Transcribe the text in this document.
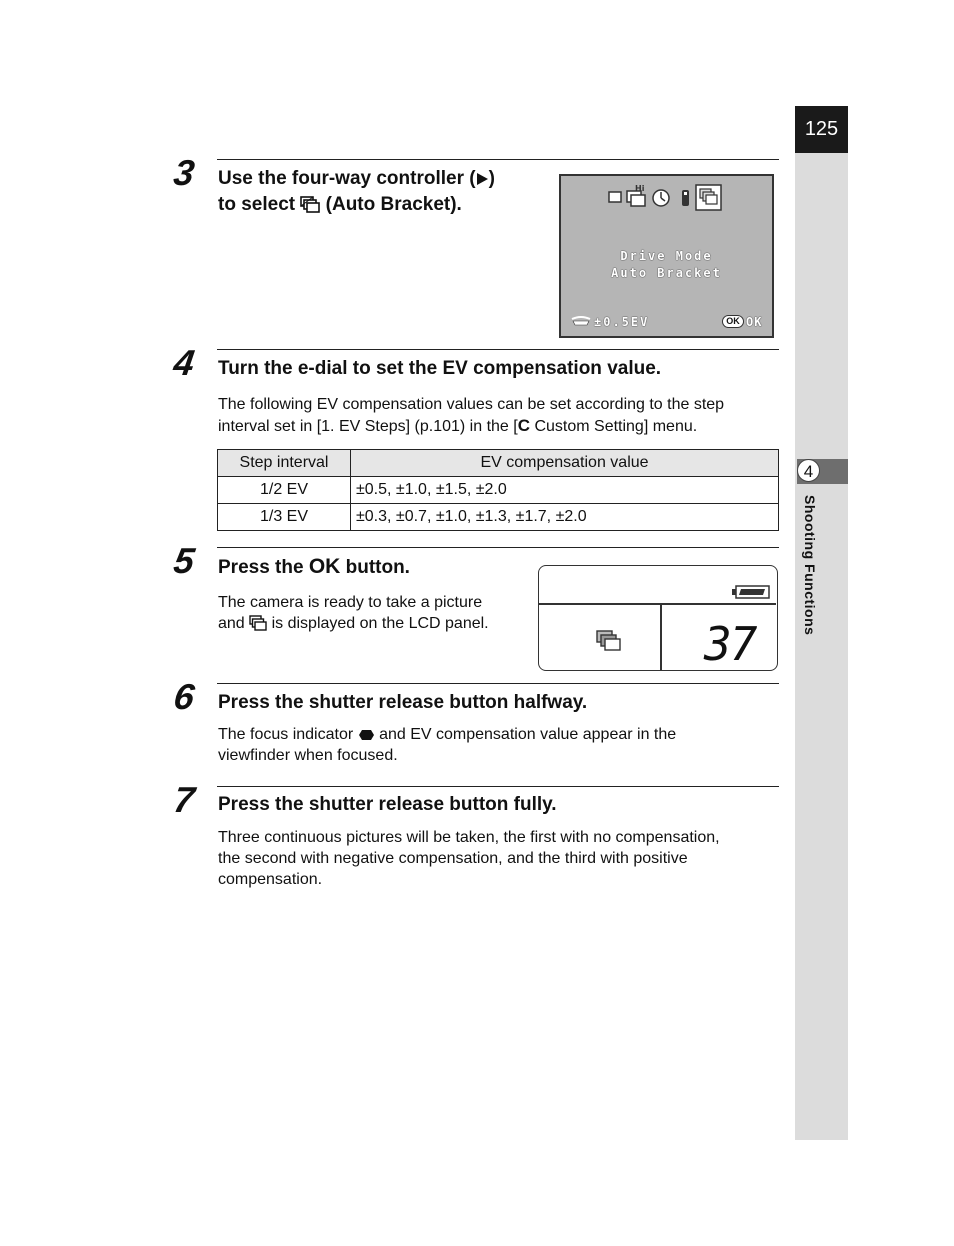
125
4
Shooting Functions
3 Use the four-way controller ( )
to select  (Auto Bracket).
Hi
Drive Mode
Auto Bracket
±0.5EV	OK OK
4 Turn the e-dial to set the EV compensation value.
The following EV compensation values can be set according to the step
interval set in [1. EV Steps] (p.101) in the [C Custom Setting] menu.
Step interval	EV compensation value
1/2 EV	±0.5, ±1.0, ±1.5, ±2.0
1/3 EV	±0.3, ±0.7, ±1.0, ±1.3, ±1.7, ±2.0
5 Press the OK button.
The camera is ready to take a picture
and  is displayed on the LCD panel.	37
6 Press the shutter release button halfway.
The focus indicator  and EV compensation value appear in the
viewfinder when focused.
7 Press the shutter release button fully.
Three continuous pictures will be taken, the first with no compensation,
the second with negative compensation, and the third with positive
compensation.
